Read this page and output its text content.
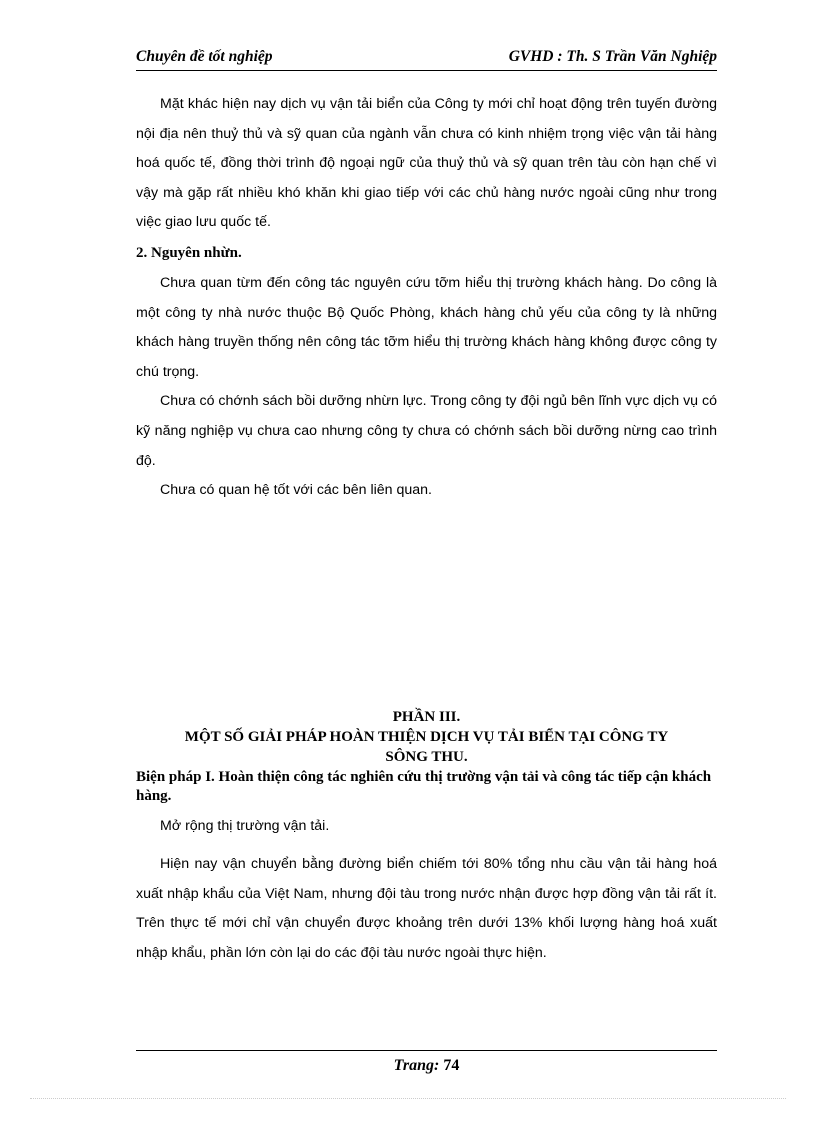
Chuyên đề tốt nghiệp	GVHD : Th. S Trần Văn Nghiệp

Mặt khác hiện nay dịch vụ vận tải biển của Công ty mới chỉ hoạt động trên tuyến đường nội địa nên thuỷ thủ và sỹ quan của ngành vẫn chưa có kinh nhiệm trọng việc vận tải hàng hoá quốc tế, đồng thời trình độ ngoại ngữ của thuỷ thủ và sỹ quan trên tàu còn hạn chế vì vậy mà gặp rất nhiều khó khăn khi giao tiếp với các chủ hàng nước ngoài cũng như trong việc giao lưu quốc tế.

2. Nguyên nhừn.

Chưa quan từm đến công tác nguyên cứu tỡm hiểu thị trường khách hàng. Do công là một công ty nhà nước thuộc Bộ Quốc Phòng, khách hàng chủ yếu của công ty là những khách hàng truyền thống nên công tác tỡm hiểu thị trường khách hàng không được công ty chú trọng.

Chưa có chớnh sách bồi dưỡng nhừn lực. Trong công ty đội ngủ bên lĩnh vực dịch vụ có kỹ năng nghiệp vụ chưa cao nhưng công ty chưa có chớnh sách bồi dưỡng nừng cao trình độ.

Chưa có quan hệ tốt với các bên liên quan.

PHẦN III.
MỘT SỐ GIẢI PHÁP HOÀN THIỆN DỊCH VỤ TẢI BIỂN TẠI CÔNG TY
SÔNG THU.
Biện pháp I. Hoàn thiện công tác nghiên cứu thị trường vận tải và công tác tiếp cận khách hàng.

Mở rộng thị trường vận tải.

Hiện nay vận chuyển bằng đường biển chiếm tới 80% tổng nhu cầu vận tải hàng hoá xuất nhập khẩu của Việt Nam, nhưng đội tàu trong nước nhận được hợp đồng vận tải rất ít. Trên thực tế mới chỉ vận chuyển được khoảng trên dưới 13% khối lượng hàng hoá xuất nhập khẩu, phần lớn còn lại do các đội tàu nước ngoài thực hiện.

Trang: 74
